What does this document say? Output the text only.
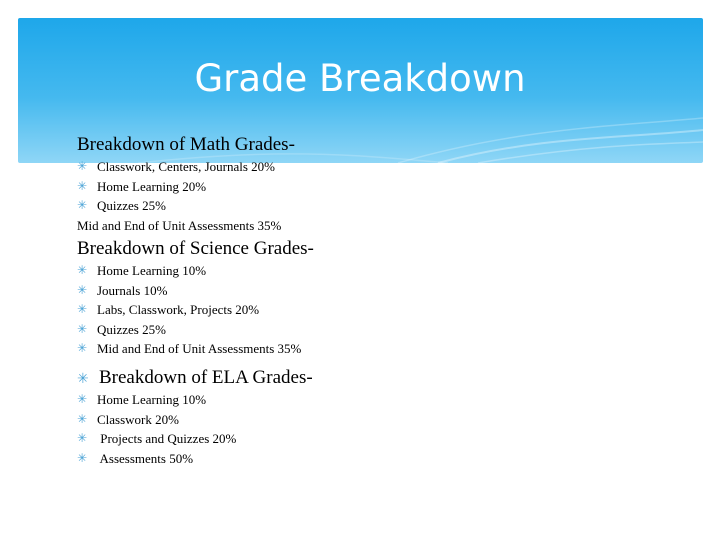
Grade Breakdown
Breakdown of Math Grades-
✳ Classwork, Centers, Journals 20%
✳ Home Learning 20%
✳ Quizzes 25%
Mid and End of Unit Assessments 35%
Breakdown of Science Grades-
✳ Home Learning 10%
✳ Journals 10%
✳ Labs, Classwork, Projects 20%
✳ Quizzes 25%
✳ Mid and End of Unit Assessments 35%
✳ Breakdown of ELA Grades-
✳ Home Learning 10%
✳ Classwork 20%
✳ Projects and Quizzes 20%
✳ Assessments 50%
